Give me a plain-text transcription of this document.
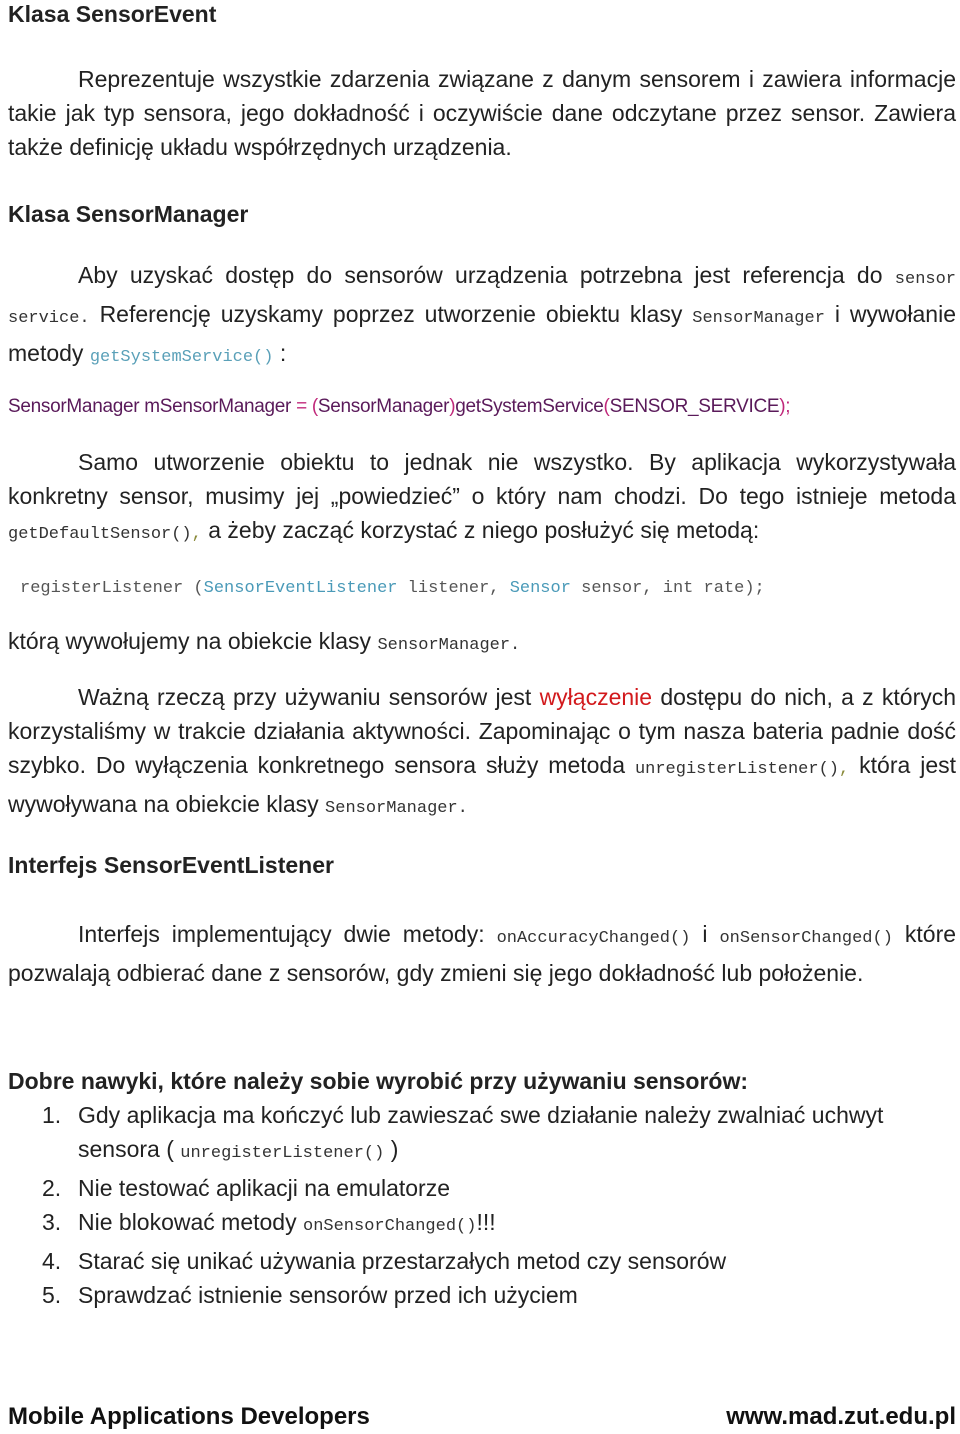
Klasa SensorEvent

Reprezentuje wszystkie zdarzenia związane z danym sensorem i zawiera informacje takie jak typ sensora, jego dokładność i oczywiście dane odczytane przez sensor. Zawiera także definicję układu współrzędnych urządzenia.

Klasa SensorManager

Aby uzyskać dostęp do sensorów urządzenia potrzebna jest referencja do sensor service. Referencję uzyskamy poprzez utworzenie obiektu klasy SensorManager i wywołanie metody getSystemService() :

SensorManager mSensorManager = (SensorManager)getSystemService(SENSOR_SERVICE);

Samo utworzenie obiektu to jednak nie wszystko. By aplikacja wykorzystywała konkretny sensor, musimy jej „powiedzieć” o który nam chodzi. Do tego istnieje metoda getDefaultSensor(), a żeby zacząć korzystać z niego posłużyć się metodą:

registerListener (SensorEventListener listener, Sensor sensor, int rate);

którą wywołujemy na obiekcie klasy SensorManager.

Ważną rzeczą przy używaniu sensorów jest wyłączenie dostępu do nich, a z których korzystaliśmy w trakcie działania aktywności. Zapominając o tym nasza bateria padnie dość szybko. Do wyłączenia konkretnego sensora służy metoda unregisterListener(), która jest wywoływana na obiekcie klasy SensorManager.

Interfejs SensorEventListener

Interfejs implementujący dwie metody: onAccuracyChanged() i onSensorChanged() które pozwalają odbierać dane z sensorów, gdy zmieni się jego dokładność lub położenie.

Dobre nawyki, które należy sobie wyrobić przy używaniu sensorów:
1. Gdy aplikacja ma kończyć lub zawieszać swe działanie należy zwalniać uchwyt sensora ( unregisterListener() )
2. Nie testować aplikacji na emulatorze
3. Nie blokować metody onSensorChanged()!!!
4. Starać się unikać używania przestarzałych metod czy sensorów
5. Sprawdzać istnienie sensorów przed ich użyciem
Mobile Applications Developers	www.mad.zut.edu.pl
